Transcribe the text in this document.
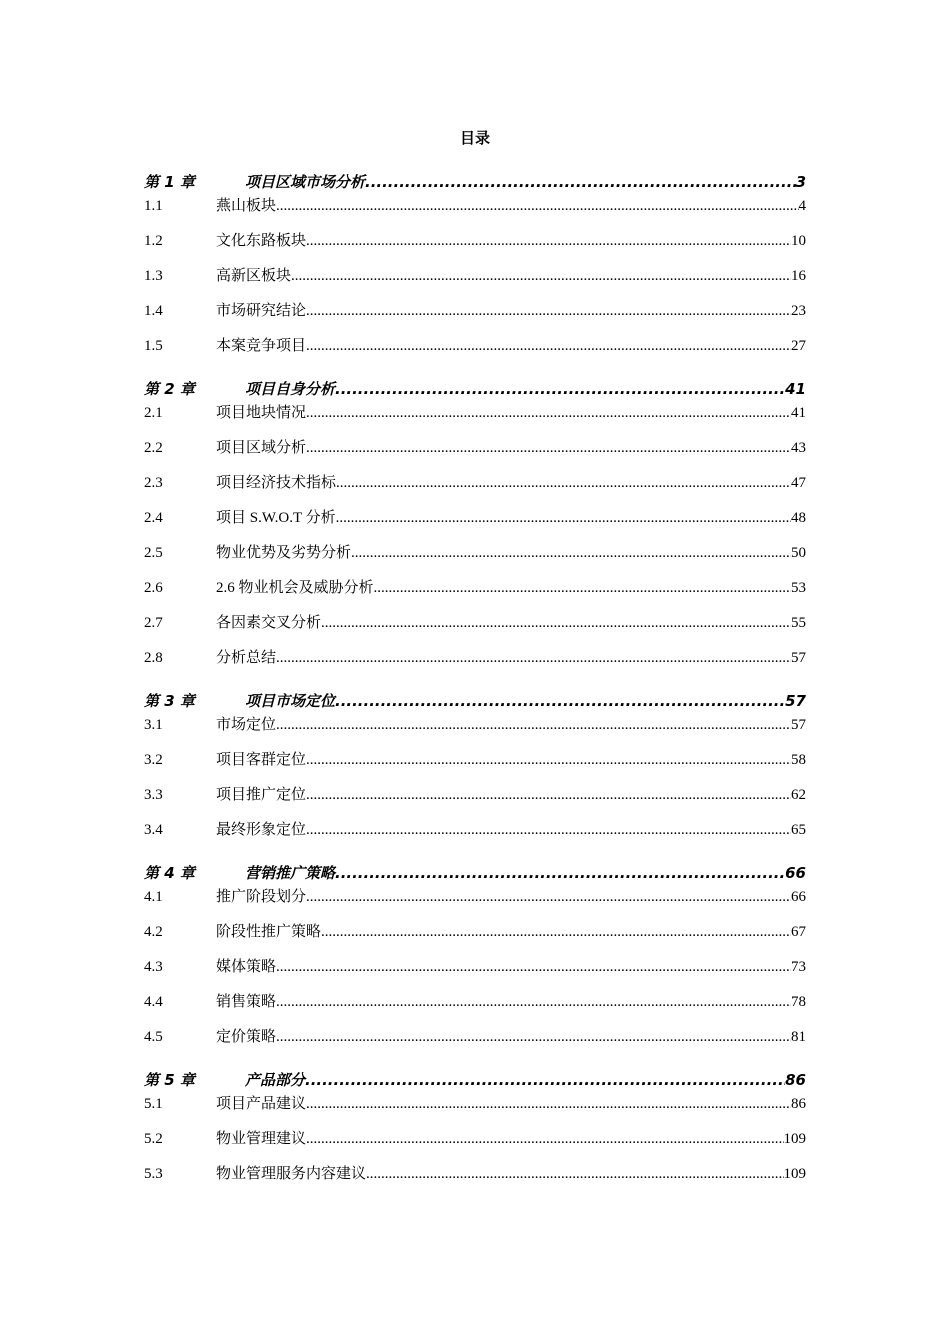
目录
第 1 章	项目区域市场分析 .....	3
1.1	燕山板块 .....	4
1.2	文化东路板块 .....	10
1.3	高新区板块 .....	16
1.4	市场研究结论 .....	23
1.5	本案竞争项目 .....	27
第 2 章	项目自身分析 .....	41
2.1	项目地块情况 .....	41
2.2	项目区域分析 .....	43
2.3	项目经济技术指标 .....	47
2.4	项目 S.W.O.T 分析 .....	48
2.5	物业优势及劣势分析 .....	50
2.6	2.6 物业机会及威胁分析 .....	53
2.7	各因素交叉分析 .....	55
2.8	分析总结 .....	57
第 3 章	项目市场定位 .....	57
3.1	市场定位 .....	57
3.2	项目客群定位 .....	58
3.3	项目推广定位 .....	62
3.4	最终形象定位 .....	65
第 4 章	营销推广策略 .....	66
4.1	推广阶段划分 .....	66
4.2	阶段性推广策略 .....	67
4.3	媒体策略 .....	73
4.4	销售策略 .....	78
4.5	定价策略 .....	81
第 5 章	产品部分 .....	86
5.1	项目产品建议 .....	86
5.2	物业管理建议 .....	109
5.3	物业管理服务内容建议 .....	109
